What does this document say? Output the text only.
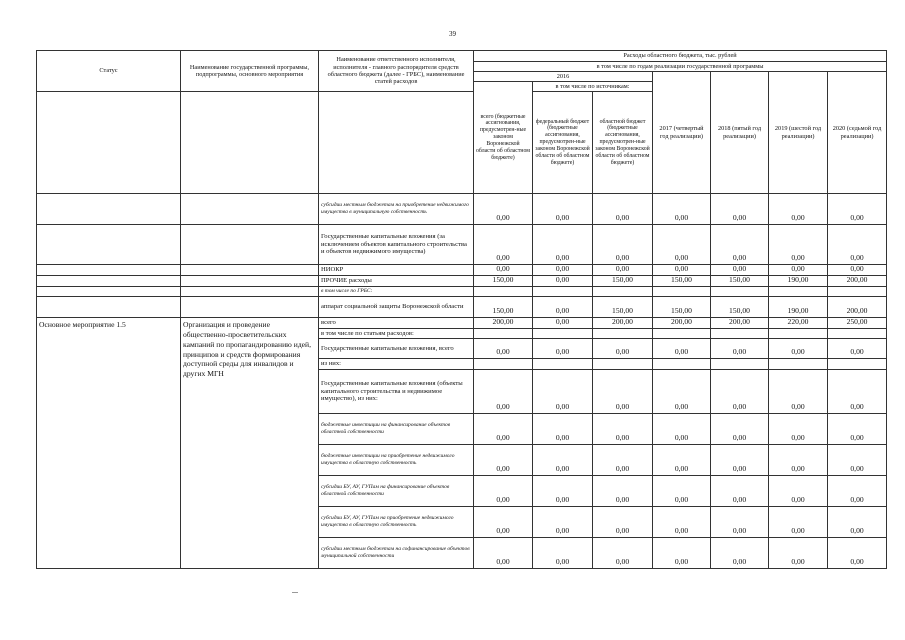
39
Статус	Наименование государственной программы, подпрограммы, основного мероприятия	Наименование ответственного исполнителя, исполнителя - главного распорядителя средств областного бюджета (далее - ГРБС), наименование статей расходов	Расходы областного бюджета, тыс. рублей						
			в том числе по годам реализации государственной программы						
			2016			2017 (четвертый год реализации)	2018 (пятый год реализации)	2019 (шестой год реализации)	2020 (седьмой год реализации)
			всего (бюджетные ассигнования, предусмотрен-ные законом Воронежской области об областном бюджете)	в том числе по источникам:					
				федеральный бюджет (бюджетные ассигнования, предусмотрен-ные законом Воронежской области об областном бюджете)	областной бюджет (бюджетные ассигнования, предусмотрен-ные законом Воронежской области об областном бюджете)				
		субсидии местным бюджетам на приобретение недвижимого имущества в муниципальную собственность	0,00	0,00	0,00	0,00	0,00	0,00	0,00
		Государственные капитальные вложения (за исключением объектов капитального строительства и объектов недвижимого имущества)	0,00	0,00	0,00	0,00	0,00	0,00	0,00
		НИОКР	0,00	0,00	0,00	0,00	0,00	0,00	0,00
		ПРОЧИЕ расходы	150,00	0,00	150,00	150,00	150,00	190,00	200,00
		в том числе по ГРБС:							
		аппарат социальной защиты Воронежской области	150,00	0,00	150,00	150,00	150,00	190,00	200,00
Основное мероприятие 1.5	Организация и проведение общественно-просветительских кампаний по пропагандированию идей, принципов и средств формирования доступной среды для инвалидов и других МГН	всего	200,00	0,00	200,00	200,00	200,00	220,00	250,00
		в том числе по статьям расходов:							
		Государственные капитальные вложения, всего	0,00	0,00	0,00	0,00	0,00	0,00	0,00
		из них:							
		Государственные капитальные вложения (объекты капитального строительства и недвижимое имущество), из них:	0,00	0,00	0,00	0,00	0,00	0,00	0,00
		бюджетные инвестиции на финансирование объектов областной собственности	0,00	0,00	0,00	0,00	0,00	0,00	0,00
		бюджетные инвестиции на приобретение недвижимого имущества в областную собственность	0,00	0,00	0,00	0,00	0,00	0,00	0,00
		субсидии БУ, АУ, ГУПам на финансирование объектов областной собственности	0,00	0,00	0,00	0,00	0,00	0,00	0,00
		субсидии БУ, АУ, ГУПам на приобретение недвижимого имущества в областную собственность	0,00	0,00	0,00	0,00	0,00	0,00	0,00
		субсидии местным бюджетам на софинансирование объектов муниципальной собственности	0,00	0,00	0,00	0,00	0,00	0,00	0,00
